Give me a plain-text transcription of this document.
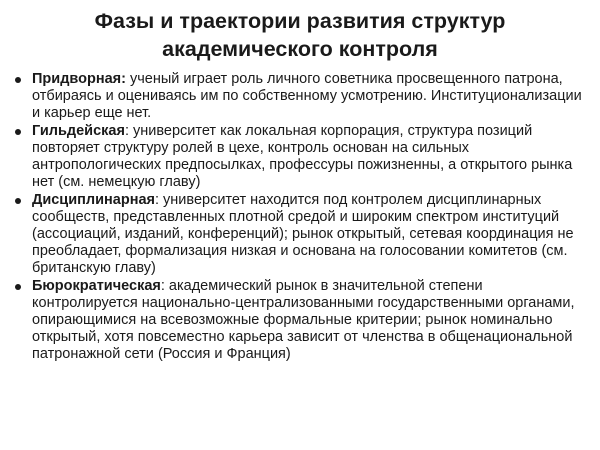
Фазы и траектории развития структур
академического контроля
Придворная: ученый играет роль личного советника просвещенного патрона, отбираясь и оцениваясь им по собственному усмотрению. Институционализации и карьер еще нет.
Гильдейская: университет как локальная корпорация, структура позиций повторяет структуру ролей в цехе, контроль основан на сильных антропологических предпосылках, профессуры пожизненны, а открытого рынка нет (см. немецкую главу)
Дисциплинарная: университет находится под контролем дисциплинарных сообществ, представленных плотной средой и широким спектром институций (ассоциаций, изданий, конференций); рынок открытый, сетевая координация не преобладает, формализация низкая и основана на голосовании комитетов (см. британскую главу)
Бюрократическая: академический рынок в значительной степени контролируется национально-централизованными государственными органами, опирающимися на всевозможные формальные критерии; рынок номинально открытый, хотя повсеместно карьера зависит от членства в общенациональной патронажной сети (Россия и Франция)
